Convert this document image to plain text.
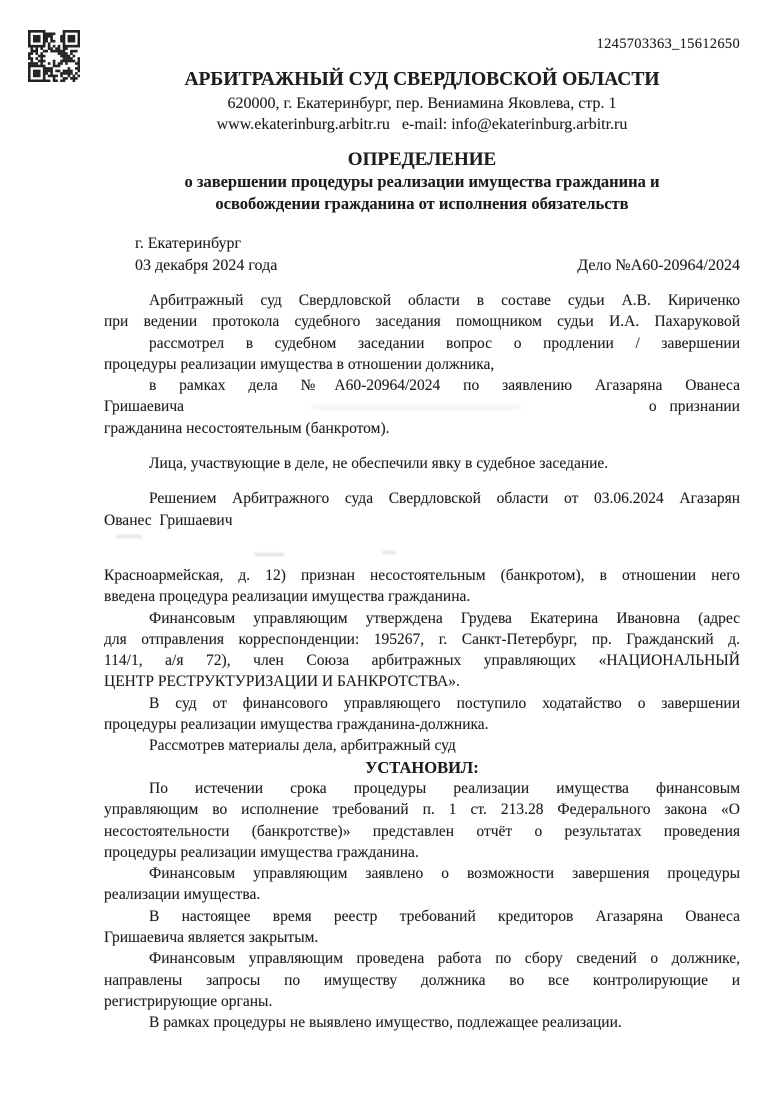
1245703363_15612650
АРБИТРАЖНЫЙ СУД СВЕРДЛОВСКОЙ ОБЛАСТИ
620000, г. Екатеринбург, пер. Вениамина Яковлева, стр. 1
www.ekaterinburg.arbitr.ru   e-mail: info@ekaterinburg.arbitr.ru
ОПРЕДЕЛЕНИЕ
о завершении процедуры реализации имущества гражданина и
освобождении гражданина от исполнения обязательств
г. Екатеринбург
03 декабря 2024 года	Дело №А60-20964/2024
Арбитражный суд Свердловской области в составе судьи А.В. Кириченко
при ведении протокола судебного заседания помощником судьи И.А. Пахаруковой
рассмотрел в судебном заседании вопрос о продлении / завершении
процедуры реализации имущества в отношении должника,
в рамках дела №А60-20964/2024 по заявлению Агазаряна Ованеса
Гришаевича	о признании
гражданина несостоятельным (банкротом).
Лица, участвующие в деле, не обеспечили явку в судебное заседание.
Решением Арбитражного суда Свердловской области от 03.06.2024 Агазарян
Ованес  Гришаевич
Красноармейская, д. 12) признан несостоятельным (банкротом), в отношении него
введена процедура реализации имущества гражданина.
Финансовым управляющим утверждена Грудева Екатерина Ивановна (адрес
для отправления корреспонденции: 195267, г. Санкт-Петербург, пр. Гражданский д.
114/1, а/я 72), член Союза арбитражных управляющих «НАЦИОНАЛЬНЫЙ
ЦЕНТР РЕСТРУКТУРИЗАЦИИ И БАНКРОТСТВА».
В суд от финансового управляющего поступило ходатайство о завершении
процедуры реализации имущества гражданина-должника.
Рассмотрев материалы дела, арбитражный суд
УСТАНОВИЛ:
По истечении срока процедуры реализации имущества финансовым
управляющим во исполнение требований п. 1 ст. 213.28 Федерального закона «О
несостоятельности (банкротстве)» представлен отчёт о результатах проведения
процедуры реализации имущества гражданина.
Финансовым управляющим заявлено о возможности завершения процедуры
реализации имущества.
В настоящее время реестр требований кредиторов Агазаряна Ованеса
Гришаевича является закрытым.
Финансовым управляющим проведена работа по сбору сведений о должнике,
направлены запросы по имуществу должника во все контролирующие и
регистрирующие органы.
В рамках процедуры не выявлено имущество, подлежащее реализации.
